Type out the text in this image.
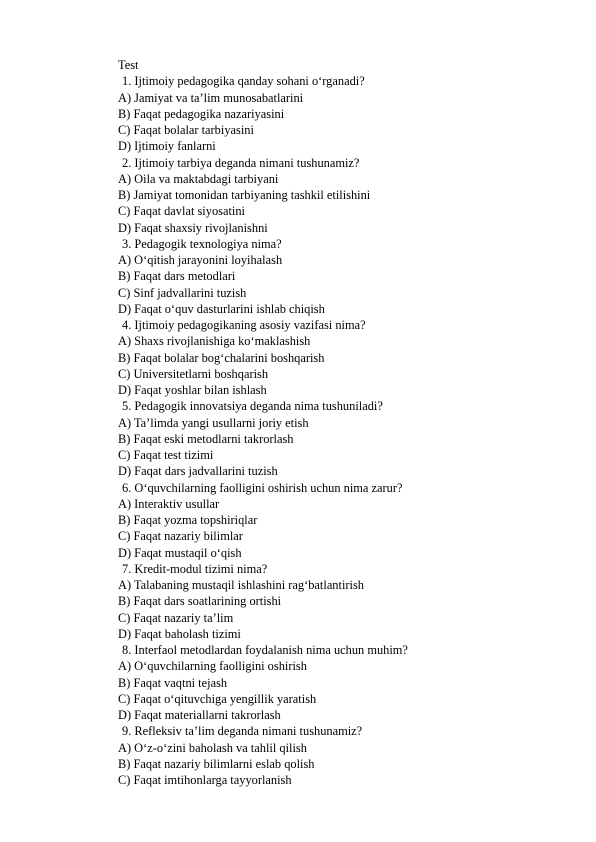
Test

1. Ijtimoiy pedagogika qanday sohani o‘rganadi?

A) Jamiyat va ta’lim munosabatlarini

B) Faqat pedagogika nazariyasini

C) Faqat bolalar tarbiyasini

D) Ijtimoiy fanlarni

2. Ijtimoiy tarbiya deganda nimani tushunamiz?

A) Oila va maktabdagi tarbiyani

B) Jamiyat tomonidan tarbiyaning tashkil etilishini

C) Faqat davlat siyosatini

D) Faqat shaxsiy rivojlanishni

3. Pedagogik texnologiya nima?

A) O‘qitish jarayonini loyihalash

B) Faqat dars metodlari

C) Sinf jadvallarini tuzish

D) Faqat o‘quv dasturlarini ishlab chiqish

4. Ijtimoiy pedagogikaning asosiy vazifasi nima?

A) Shaxs rivojlanishiga ko‘maklashish

B) Faqat bolalar bog‘chalarini boshqarish

C) Universitetlarni boshqarish

D) Faqat yoshlar bilan ishlash

5. Pedagogik innovatsiya deganda nima tushuniladi?

A) Ta’limda yangi usullarni joriy etish

B) Faqat eski metodlarni takrorlash

C) Faqat test tizimi

D) Faqat dars jadvallarini tuzish

6. O‘quvchilarning faolligini oshirish uchun nima zarur?

A) Interaktiv usullar

B) Faqat yozma topshiriqlar

C) Faqat nazariy bilimlar

D) Faqat mustaqil o‘qish

7. Kredit-modul tizimi nima?

A) Talabaning mustaqil ishlashini rag‘batlantirish

B) Faqat dars soatlarining ortishi

C) Faqat nazariy ta’lim

D) Faqat baholash tizimi

8. Interfaol metodlardan foydalanish nima uchun muhim?

A) O‘quvchilarning faolligini oshirish

B) Faqat vaqtni tejash

C) Faqat o‘qituvchiga yengillik yaratish

D) Faqat materiallarni takrorlash

9. Refleksiv ta’lim deganda nimani tushunamiz?

A) O‘z-o‘zini baholash va tahlil qilish

B) Faqat nazariy bilimlarni eslab qolish

C) Faqat imtihonlarga tayyorlanish
